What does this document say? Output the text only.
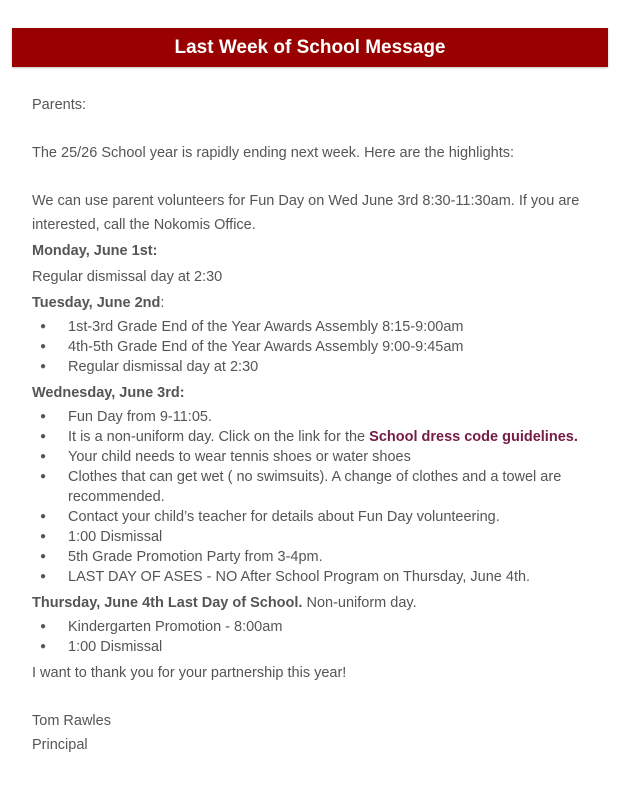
Last Week of School Message

Parents:

The 25/26 School year is rapidly ending next week. Here are the highlights:

We can use parent volunteers for Fun Day on Wed June 3rd 8:30-11:30am. If you are interested, call the Nokomis Office.

Monday, June 1st:

Regular dismissal day at 2:30

Tuesday, June 2nd:

● 1st-3rd Grade End of the Year Awards Assembly 8:15-9:00am
● 4th-5th Grade End of the Year Awards Assembly 9:00-9:45am
● Regular dismissal day at 2:30

Wednesday, June 3rd:

● Fun Day from 9-11:05.
● It is a non-uniform day. Click on the link for the School dress code guidelines.
● Your child needs to wear tennis shoes or water shoes
● Clothes that can get wet ( no swimsuits). A change of clothes and a towel are recommended.
● Contact your child’s teacher for details about Fun Day volunteering.
● 1:00 Dismissal
● 5th Grade Promotion Party from 3-4pm.
● LAST DAY OF ASES - NO After School Program on Thursday, June 4th.

Thursday, June 4th Last Day of School. Non-uniform day.

● Kindergarten Promotion - 8:00am
● 1:00 Dismissal

I want to thank you for your partnership this year!

Tom Rawles

Principal
